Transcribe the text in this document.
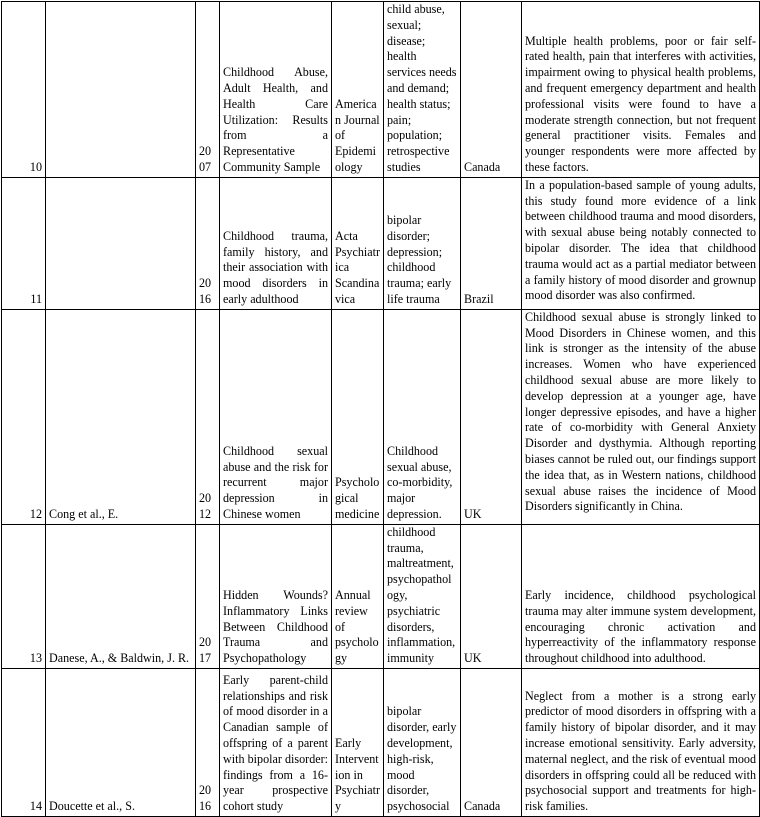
10		2007	Childhood Abuse, Adult Health, and Health Care Utilization: Results from a Representative Community Sample	American Journal of Epidemiology	child abuse, sexual; disease; health services needs and demand; health status; pain; population; retrospective studies	Canada	Multiple health problems, poor or fair self-rated health, pain that interferes with activities, impairment owing to physical health problems, and frequent emergency department and health professional visits were found to have a moderate strength connection, but not frequent general practitioner visits. Females and younger respondents were more affected by these factors.
11		2016	Childhood trauma, family history, and their association with mood disorders in early adulthood	Acta Psychiatrica Scandinavica	bipolar disorder; depression; childhood trauma; early life trauma	Brazil	In a population-based sample of young adults, this study found more evidence of a link between childhood trauma and mood disorders, with sexual abuse being notably connected to bipolar disorder. The idea that childhood trauma would act as a partial mediator between a family history of mood disorder and grownup mood disorder was also confirmed.
12	Cong et al., E.	2012	Childhood sexual abuse and the risk for recurrent major depression in Chinese women	Psychological medicine	Childhood sexual abuse, co-morbidity, major depression.	UK	Childhood sexual abuse is strongly linked to Mood Disorders in Chinese women, and this link is stronger as the intensity of the abuse increases. Women who have experienced childhood sexual abuse are more likely to develop depression at a younger age, have longer depressive episodes, and have a higher rate of co-morbidity with General Anxiety Disorder and dysthymia. Although reporting biases cannot be ruled out, our findings support the idea that, as in Western nations, childhood sexual abuse raises the incidence of Mood Disorders significantly in China.
13	Danese, A., & Baldwin, J. R.	2017	Hidden Wounds? Inflammatory Links Between Childhood Trauma and Psychopathology	Annual review of psychology	childhood trauma, maltreatment, psychopathology, psychiatric disorders, inflammation, immunity	UK	Early incidence, childhood psychological trauma may alter immune system development, encouraging chronic activation and hyperreactivity of the inflammatory response throughout childhood into adulthood.
14	Doucette et al., S.	2016	Early parent-child relationships and risk of mood disorder in a Canadian sample of offspring of a parent with bipolar disorder: findings from a 16-year prospective cohort study	Early Intervention in Psychiatry	bipolar disorder, early development, high-risk, mood disorder, psychosocial	Canada	Neglect from a mother is a strong early predictor of mood disorders in offspring with a family history of bipolar disorder, and it may increase emotional sensitivity. Early adversity, maternal neglect, and the risk of eventual mood disorders in offspring could all be reduced with psychosocial support and treatments for high-risk families.
